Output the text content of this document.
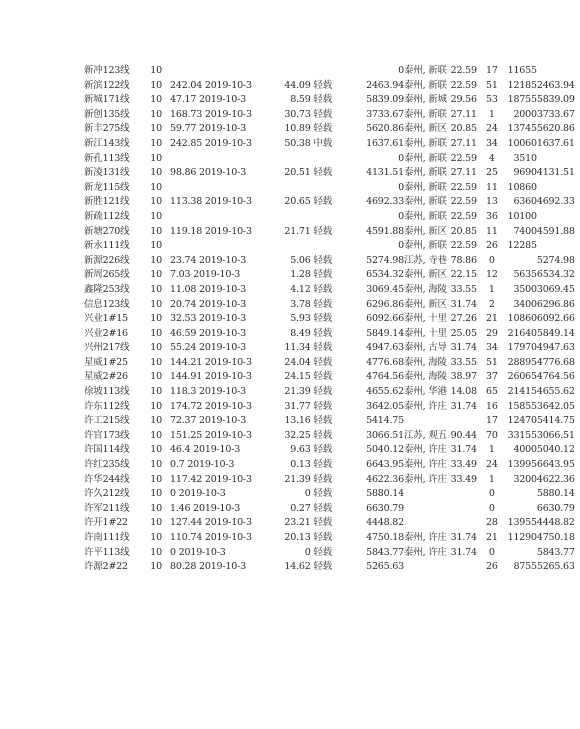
新冲123线	10			0	泰州, 新联	22.59	17	11655	
新滨122线	10	242.04 2019-10-3	44.09 轻载	2463.94	泰州, 新联	22.59	51	12185	2463.94
新城171线	10	47.17 2019-10-3	8.59 轻载	5839.09	泰州, 新城	29.56	53	18755	5839.09
新创135线	10	168.73 2019-10-3	30.73 轻载	3733.67	泰州, 新联	27.11	1	2000	3733.67
新丰275线	10	59.77 2019-10-3	10.89 轻载	5620.86	泰州, 新区	20.85	24	13745	5620.86
新江143线	10	242.85 2019-10-3	50.38 中载	1637.61	泰州, 新联	27.11	34	10060	1637.61
新孔113线	10			0	泰州, 新联	22.59	4	3510	
新凌131线	10	98.86 2019-10-3	20.51 轻载	4131.51	泰州, 新联	27.11	25	9690	4131.51
新龙115线	10			0	泰州, 新联	22.59	11	10860	
新胜121线	10	113.38 2019-10-3	20.65 轻载	4692.33	泰州, 新联	22.59	13	6360	4692.33
新疏112线	10			0	泰州, 新联	22.59	36	10100	
新塘270线	10	119.18 2019-10-3	21.71 轻载	4591.88	泰州, 新区	20.85	11	7400	4591.88
新永111线	10			0	泰州, 新联	22.59	26	12285	
新源226线	10	23.74 2019-10-3	5.06 轻载	5274.98	江苏, 寺巷	78.86	0		5274.98
新周265线	10	7.03 2019-10-3	1.28 轻载	6534.32	泰州, 新区	22.15	12	5635	6534.32
鑫隆253线	10	11.08 2019-10-3	4.12 轻载	3069.45	泰州, 海陵	33.55	1	3500	3069.45
信息123线	10	20.74 2019-10-3	3.78 轻载	6296.86	泰州, 新区	31.74	2	3400	6296.86
兴业1#15	10	32.53 2019-10-3	5.93 轻载	6092.66	泰州, 十里	27.26	21	10860	6092.66
兴业2#16	10	46.59 2019-10-3	8.49 轻载	5849.14	泰州, 十里	25.05	29	21640	5849.14
兴州217线	10	55.24 2019-10-3	11.34 轻载	4947.63	泰州, 古导	31.74	34	17970	4947.63
星威1#25	10	144.21 2019-10-3	24.04 轻载	4776.68	泰州, 海陵	33.55	51	28895	4776.68
星威2#26	10	144.91 2019-10-3	24.15 轻载	4764.56	泰州, 海陵	38.97	37	26065	4764.56
徐坡113线	10	118.3 2019-10-3	21.39 轻载	4655.62	泰州, 华港	14.08	65	21415	4655.62
许东112线	10	174.72 2019-10-3	31.77 轻载	3642.05	泰州, 许庄	31.74	16	15855	3642.05
许工215线	10	72.37 2019-10-3	13.16 轻载	5414.75			17	12470	5414.75
许官173线	10	151.25 2019-10-3	32.25 轻载	3066.51	江苏, 观五	90.44	70	33155	3066.51
许国114线	10	46.4 2019-10-3	9.63 轻载	5040.12	泰州, 许庄	31.74	1	4000	5040.12
许红235线	10	0.7 2019-10-3	0.13 轻载	6643.95	泰州, 许庄	33.49	24	13995	6643.95
许华244线	10	117.42 2019-10-3	21.39 轻载	4622.36	泰州, 许庄	33.49	1	3200	4622.36
许久212线	10	0 2019-10-3	0 轻载	5880.14			0		5880.14
许军211线	10	1.46 2019-10-3	0.27 轻载	6630.79			0		6630.79
许开1#22	10	127.44 2019-10-3	23.21 轻载	4448.82			28	13955	4448.82
许南111线	10	110.74 2019-10-3	20.13 轻载	4750.18	泰州, 许庄	31.74	21	11290	4750.18
许平113线	10	0 2019-10-3	0 轻载	5843.77	泰州, 许庄	31.74	0		5843.77
许源2#22	10	80.28 2019-10-3	14.62 轻载	5265.63			26	8755	5265.63
